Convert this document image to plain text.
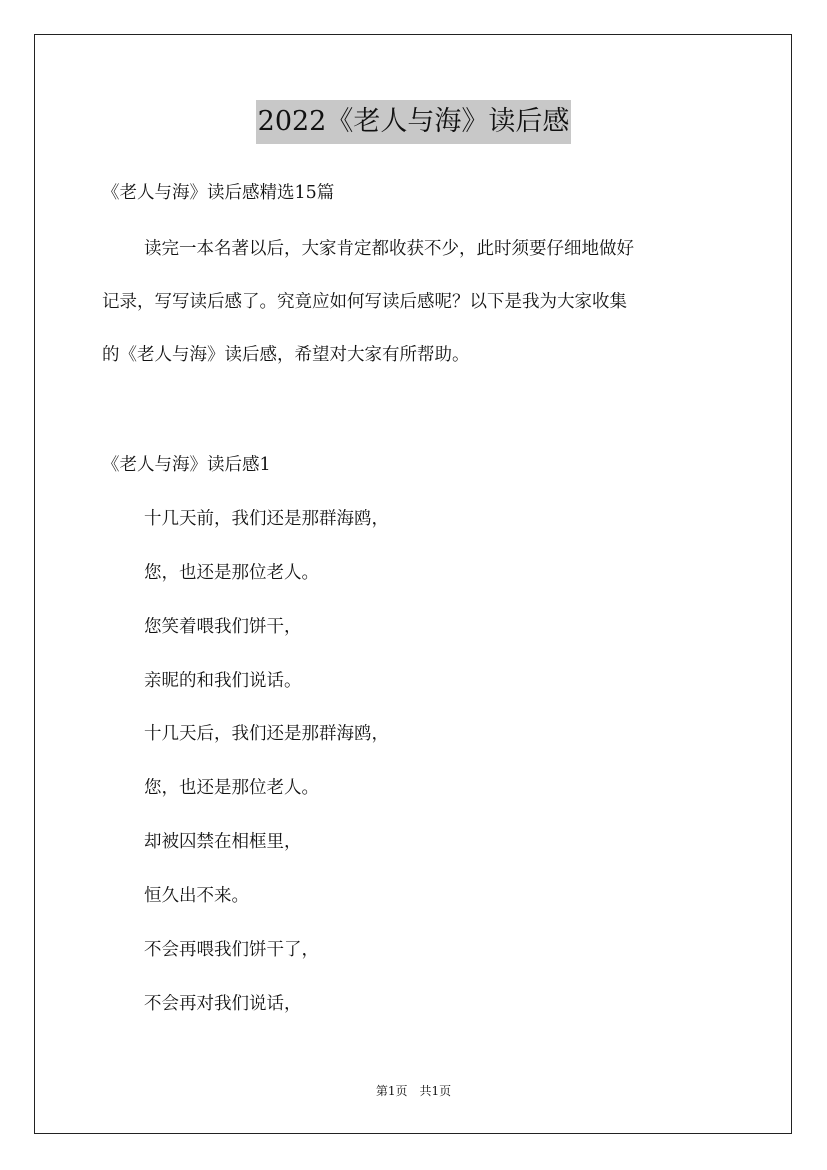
2022《老人与海》读后感
《老人与海》读后感精选15篇
读完一本名著以后，大家肯定都收获不少，此时须要仔细地做好
记录，写写读后感了。究竟应如何写读后感呢？以下是我为大家收集
的《老人与海》读后感，希望对大家有所帮助。
《老人与海》读后感1
十几天前，我们还是那群海鸥，
您，也还是那位老人。
您笑着喂我们饼干，
亲昵的和我们说话。
十几天后，我们还是那群海鸥，
您，也还是那位老人。
却被囚禁在相框里，
恒久出不来。
不会再喂我们饼干了，
不会再对我们说话，
第1页　共1页
